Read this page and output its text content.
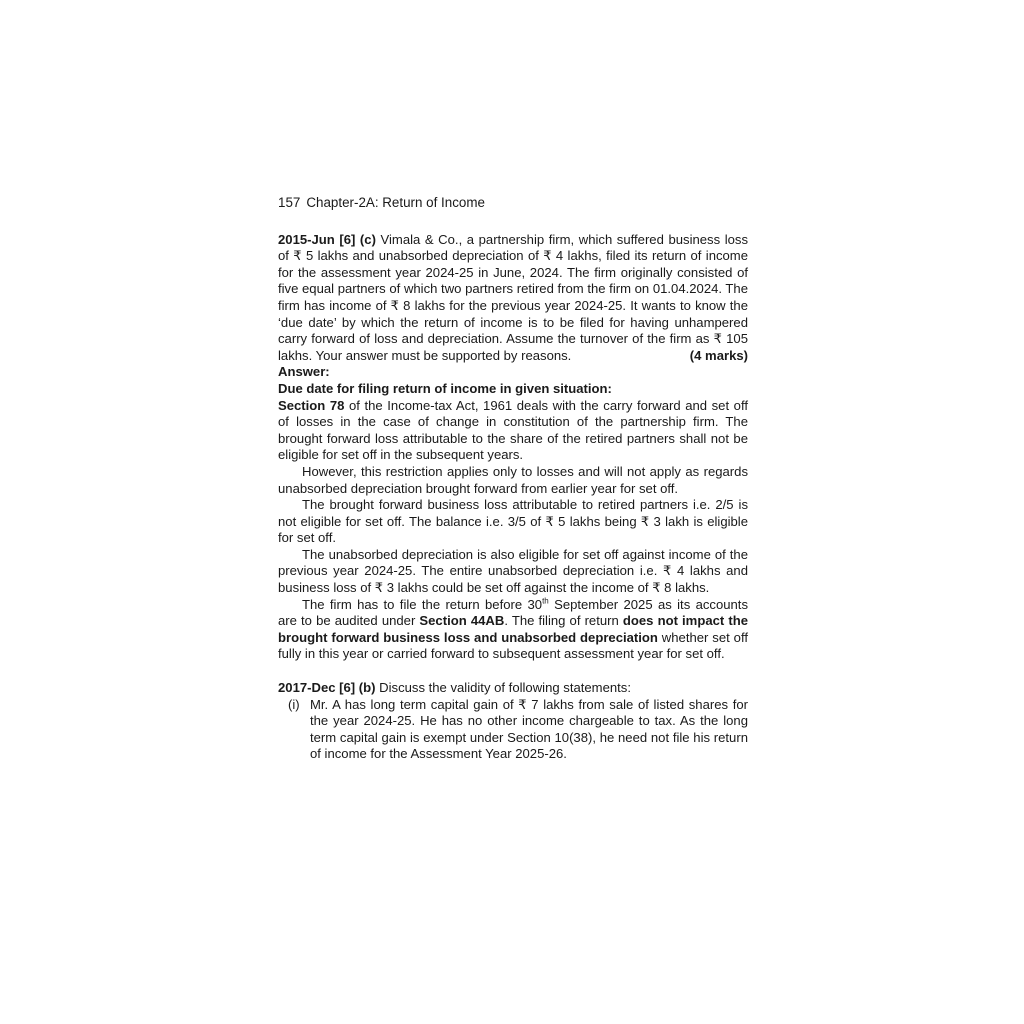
157 Chapter-2A: Return of Income

2015-Jun [6] (c) Vimala & Co., a partnership firm, which suffered business loss of ₹ 5 lakhs and unabsorbed depreciation of ₹ 4 lakhs, filed its return of income for the assessment year 2024-25 in June, 2024. The firm originally consisted of five equal partners of which two partners retired from the firm on 01.04.2024. The firm has income of ₹ 8 lakhs for the previous year 2024-25. It wants to know the ‘due date’ by which the return of income is to be filed for having unhampered carry forward of loss and depreciation. Assume the turnover of the firm as ₹ 105 lakhs. Your answer must be supported by reasons.	(4 marks)

Answer:

Due date for filing return of income in given situation:

Section 78 of the Income-tax Act, 1961 deals with the carry forward and set off of losses in the case of change in constitution of the partnership firm. The brought forward loss attributable to the share of the retired partners shall not be eligible for set off in the subsequent years.

However, this restriction applies only to losses and will not apply as regards unabsorbed depreciation brought forward from earlier year for set off.

The brought forward business loss attributable to retired partners i.e. 2/5 is not eligible for set off. The balance i.e. 3/5 of ₹ 5 lakhs being ₹ 3 lakh is eligible for set off.

The unabsorbed depreciation is also eligible for set off against income of the previous year 2024-25. The entire unabsorbed depreciation i.e. ₹ 4 lakhs and business loss of ₹ 3 lakhs could be set off against the income of ₹ 8 lakhs.

The firm has to file the return before 30th September 2025 as its accounts are to be audited under Section 44AB. The filing of return does not impact the brought forward business loss and unabsorbed depreciation whether set off fully in this year or carried forward to subsequent assessment year for set off.

2017-Dec [6] (b) Discuss the validity of following statements:

(i) Mr. A has long term capital gain of ₹ 7 lakhs from sale of listed shares for the year 2024-25. He has no other income chargeable to tax. As the long term capital gain is exempt under Section 10(38), he need not file his return of income for the Assessment Year 2025-26.
